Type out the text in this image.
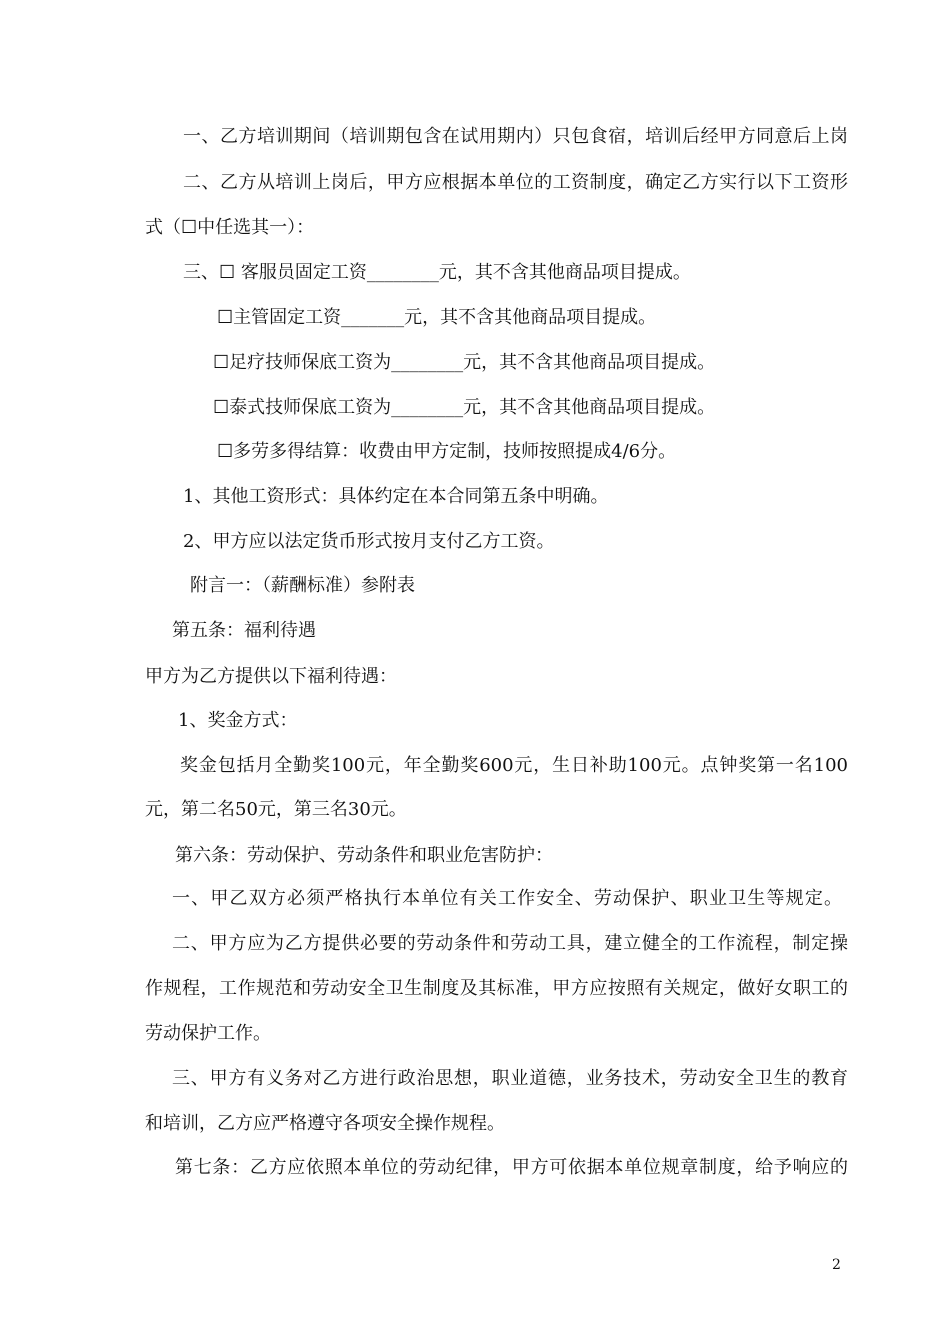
一、乙方培训期间（培训期包含在试用期内）只包食宿，培训后经甲方同意后上岗
二、乙方从培训上岗后，甲方应根据本单位的工资制度，确定乙方实行以下工资形
式（☐中任选其一）：
三、☐ 客服员固定工资________元，其不含其他商品项目提成。
☐主管固定工资_______元，其不含其他商品项目提成。
☐足疗技师保底工资为________元，其不含其他商品项目提成。
☐泰式技师保底工资为________元，其不含其他商品项目提成。
☐多劳多得结算：收费由甲方定制，技师按照提成4/6分。
1、其他工资形式：具体约定在本合同第五条中明确。
2、甲方应以法定货币形式按月支付乙方工资。
附言一：（薪酬标准）参附表
第五条：福利待遇
甲方为乙方提供以下福利待遇：
1、奖金方式：
奖金包括月全勤奖100元，年全勤奖600元，生日补助100元。点钟奖第一名100
元，第二名50元，第三名30元。
第六条：劳动保护、劳动条件和职业危害防护：
一、甲乙双方必须严格执行本单位有关工作安全、劳动保护、职业卫生等规定。
二、甲方应为乙方提供必要的劳动条件和劳动工具，建立健全的工作流程，制定操
作规程，工作规范和劳动安全卫生制度及其标准，甲方应按照有关规定，做好女职工的
劳动保护工作。
三、甲方有义务对乙方进行政治思想，职业道德，业务技术，劳动安全卫生的教育
和培训，乙方应严格遵守各项安全操作规程。
第七条：乙方应依照本单位的劳动纪律，甲方可依据本单位规章制度，给予响应的
2
